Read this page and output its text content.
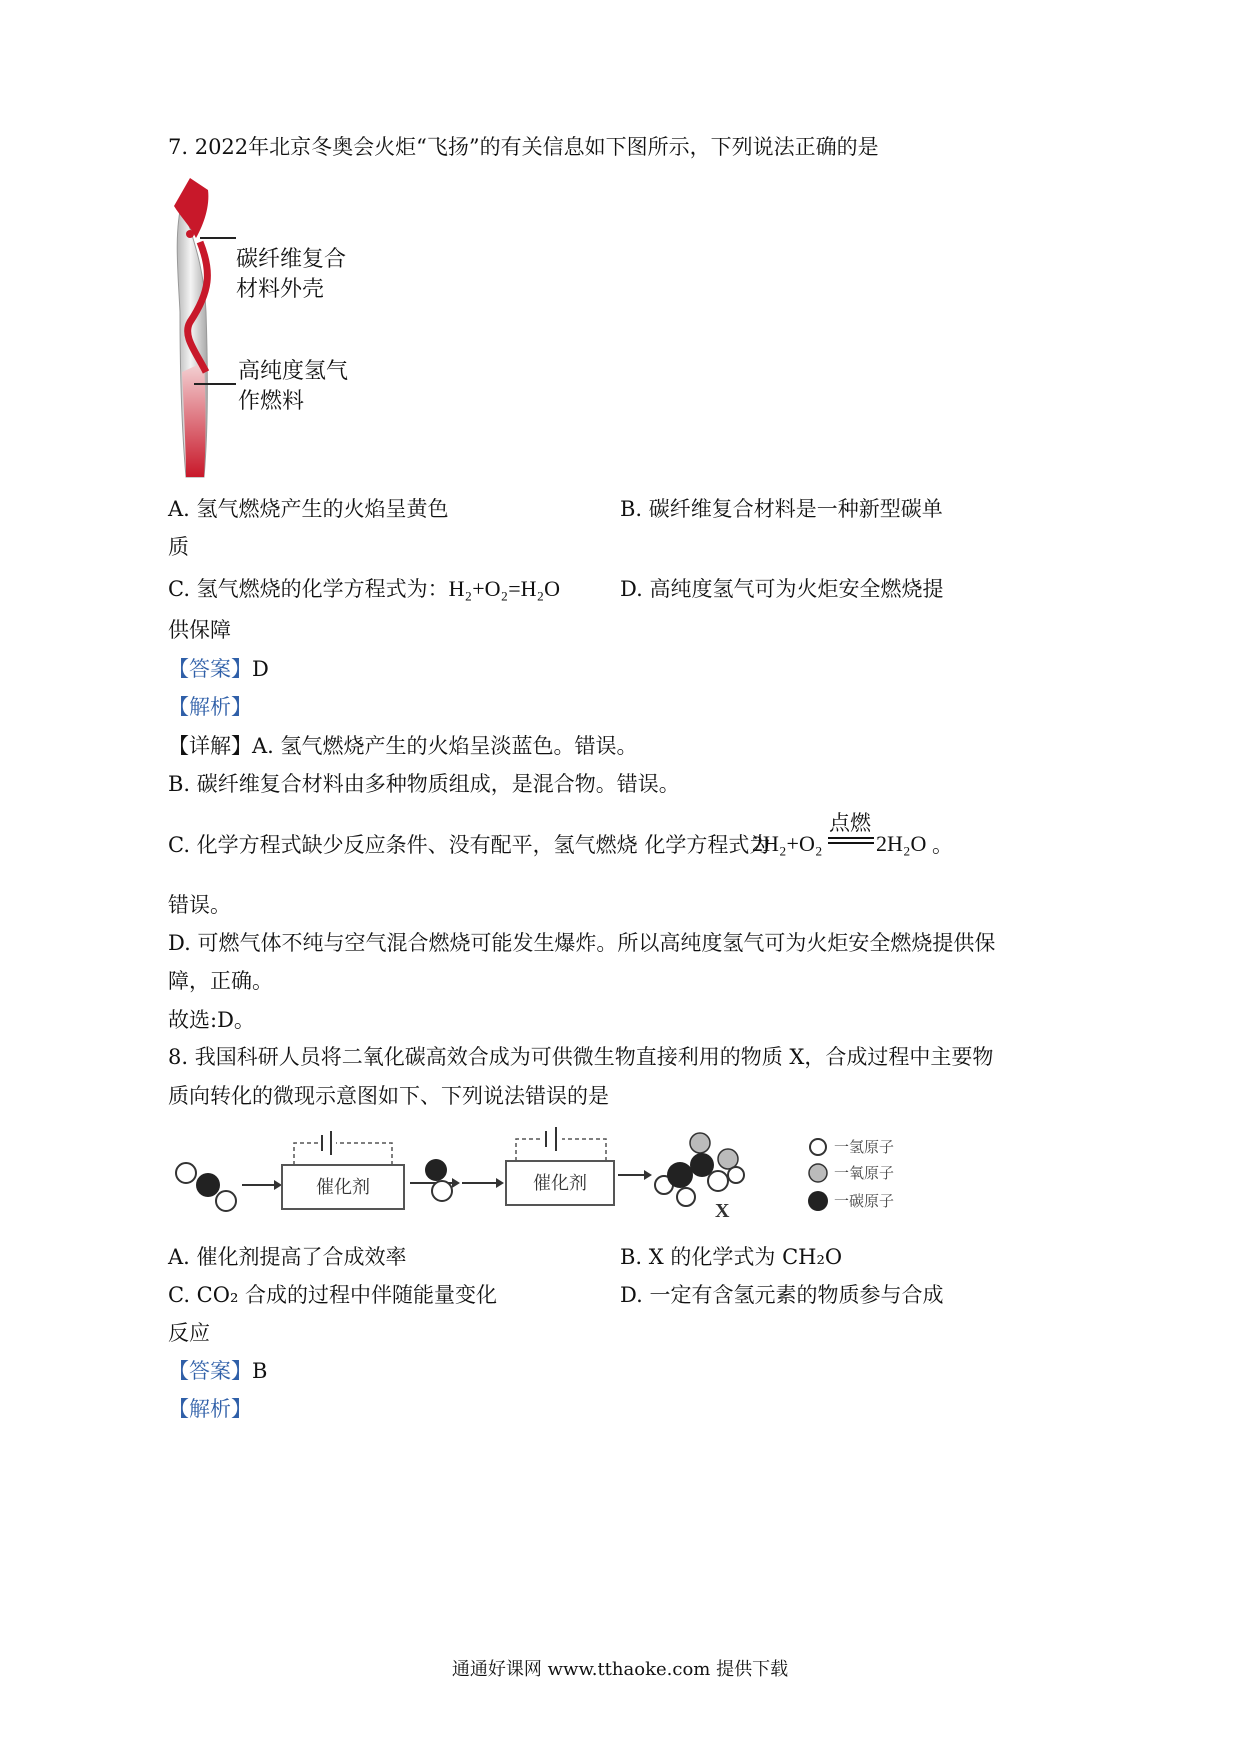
7. 2022年北京冬奥会火炬“飞扬”的有关信息如下图所示，下列说法正确的是
碳纤维复合
材料外壳
高纯度氢气
作燃料
A. 氢气燃烧产生的火焰呈黄色	B. 碳纤维复合材料是一种新型碳单
质
C. 氢气燃烧的化学方程式为：H₂+O₂=H₂O	D. 高纯度氢气可为火炬安全燃烧提
供保障
【答案】D
【解析】
【详解】A. 氢气燃烧产生的火焰呈淡蓝色。错误。
B. 碳纤维复合材料由多种物质组成，是混合物。错误。
C. 化学方程式缺少反应条件、没有配平，氢气燃烧 化学方程式为
2H₂+O₂
点燃
2H₂O 。
错误。
D. 可燃气体不纯与空气混合燃烧可能发生爆炸。所以高纯度氢气可为火炬安全燃烧提供保
障，正确。
故选:D。
8. 我国科研人员将二氧化碳高效合成为可供微生物直接利用的物质 X，合成过程中主要物
质向转化的微现示意图如下、下列说法错误的是
催化剂	催化剂
X
一氢原子
一氧原子
一碳原子
A. 催化剂提高了合成效率	B. X 的化学式为 CH₂O
C. CO₂ 合成的过程中伴随能量变化	D. 一定有含氢元素的物质参与合成
反应
【答案】B
【解析】
通通好课网 www.tthaoke.com 提供下载
